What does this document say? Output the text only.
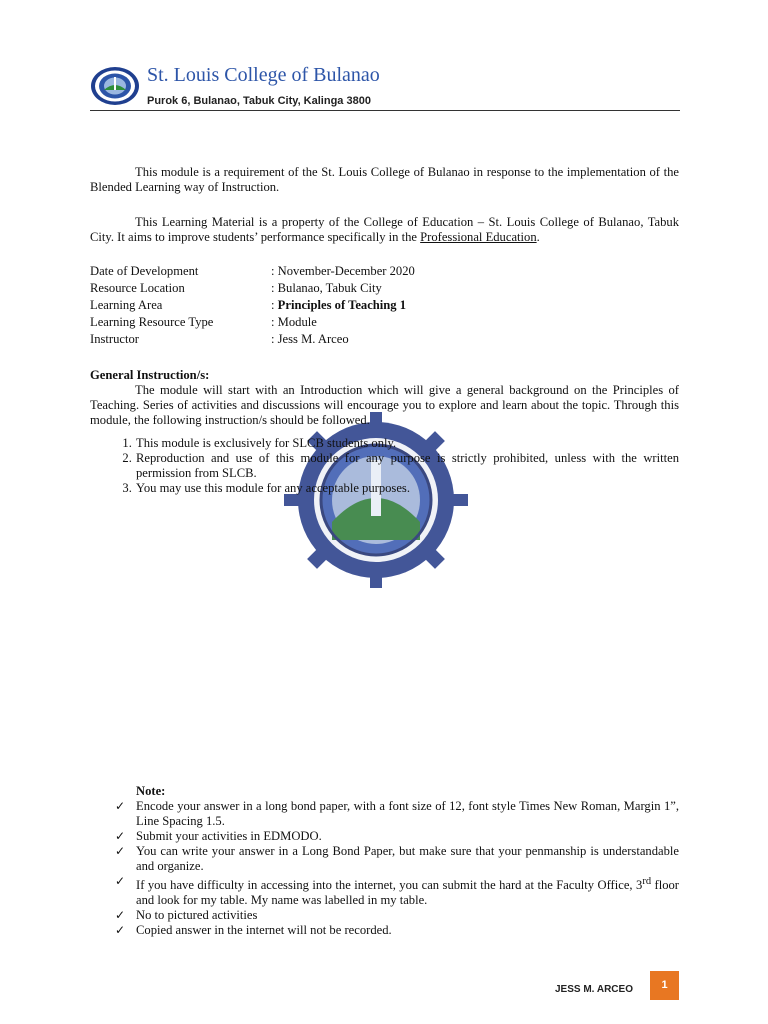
St. Louis College of Bulanao
Purok 6, Bulanao, Tabuk City, Kalinga 3800

This module is a requirement of the St. Louis College of Bulanao in response to the implementation of the Blended Learning way of Instruction.

This Learning Material is a property of the College of Education – St. Louis College of Bulanao, Tabuk City. It aims to improve students’ performance specifically in the Professional Education.

Date of Development	: November-December 2020
Resource Location	: Bulanao, Tabuk City
Learning Area	: Principles of Teaching 1
Learning Resource Type	: Module
Instructor	: Jess M. Arceo

General Instruction/s:

The module will start with an Introduction which will give a general background on the Principles of Teaching. Series of activities and discussions will encourage you to explore and learn about the topic. Through this module, the following instruction/s should be followed.

1. This module is exclusively for SLCB students only.
2. Reproduction and use of this module for any purpose is strictly prohibited, unless with the written permission from SLCB.
3. You may use this module for any acceptable purposes.

Note:

✓ Encode your answer in a long bond paper, with a font size of 12, font style Times New Roman, Margin 1”, Line Spacing 1.5.
✓ Submit your activities in EDMODO.
✓ You can write your answer in a Long Bond Paper, but make sure that your penmanship is understandable and organize.
✓ If you have difficulty in accessing into the internet, you can submit the hard at the Faculty Office, 3rd floor and look for my table. My name was labelled in my table.
✓ No to pictured activities
✓ Copied answer in the internet will not be recorded.
JESS M. ARCEO	1
